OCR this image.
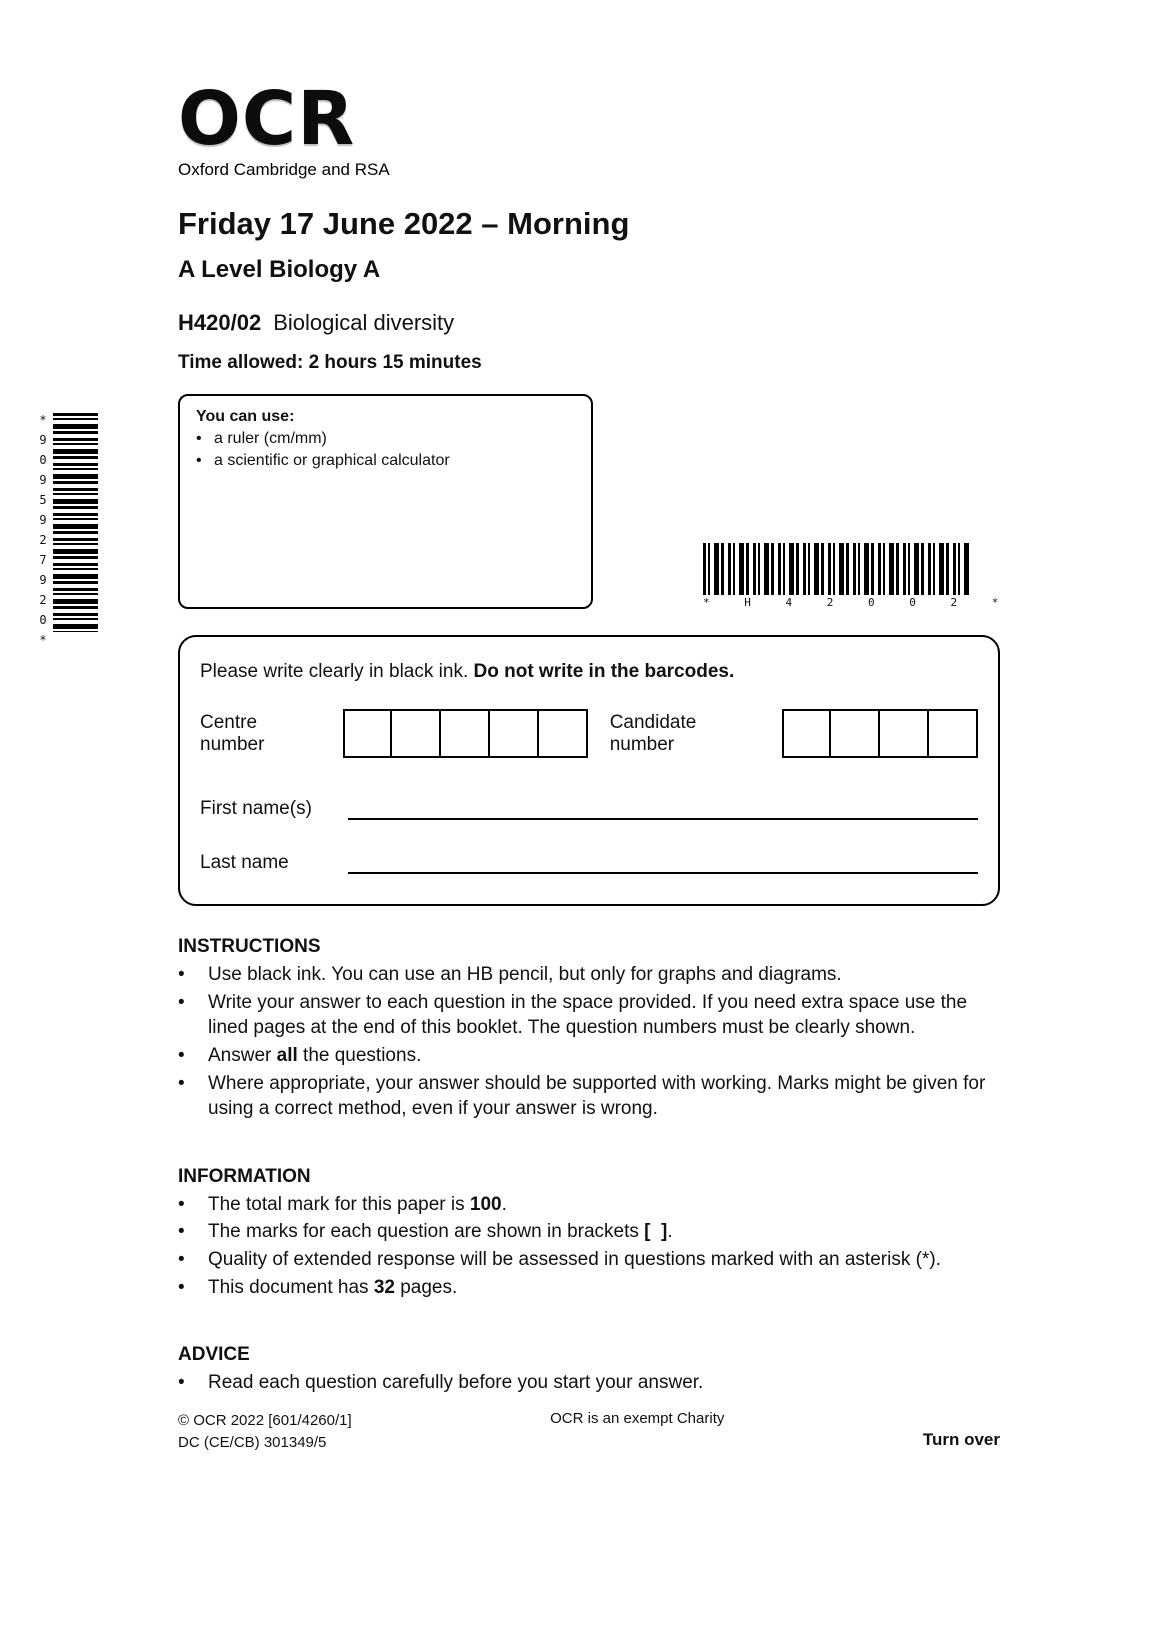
*9095927920*	* H 4 2 0 0 2 *
OCR
Oxford Cambridge and RSA
Friday 17 June 2022 – Morning
A Level Biology A
H420/02 Biological diversity
Time allowed: 2 hours 15 minutes
You can use:
• a ruler (cm/mm)
• a scientific or graphical calculator
Please write clearly in black ink. Do not write in the barcodes.
Centre number
Candidate number
First name(s)
Last name
INSTRUCTIONS
• Use black ink. You can use an HB pencil, but only for graphs and diagrams.
• Write your answer to each question in the space provided. If you need extra space use the lined pages at the end of this booklet. The question numbers must be clearly shown.
• Answer all the questions.
• Where appropriate, your answer should be supported with working. Marks might be given for using a correct method, even if your answer is wrong.
INFORMATION
• The total mark for this paper is 100.
• The marks for each question are shown in brackets [  ].
• Quality of extended response will be assessed in questions marked with an asterisk (*).
• This document has 32 pages.
ADVICE
• Read each question carefully before you start your answer.
© OCR 2022 [601/4260/1]
DC (CE/CB) 301349/5
OCR is an exempt Charity
Turn over
